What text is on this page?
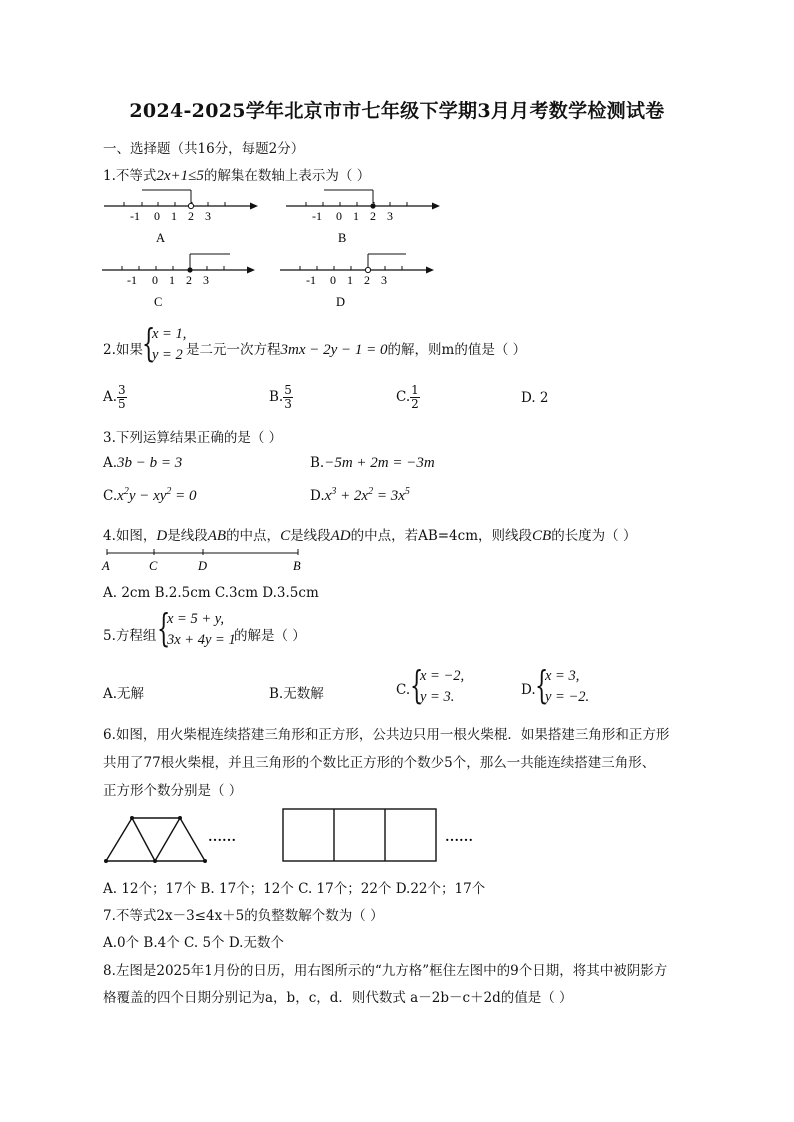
2024-2025学年北京市市七年级下学期3月月考数学检测试卷
一、选择题（共16分，每题2分）
1.不等式2x+1≤5的解集在数轴上表示为（ ）
-1 0 1 2 3
A
-1 0 1 2 3
B
-1 0 1 2 3
C
-1 0 1 2 3
D
2.如果 {
x = 1,
y = 2 是二元一次方程3mx − 2y − 1 = 0的解，则m的值是（ ）
A. $\frac{3}{5}$	B. $\frac{5}{3}$	C. $\frac{1}{2}$	D. 2
3.下列运算结果正确的是（ ）
A.3b − b = 3	B.−5m + 2m = −3m
$C.x^2y - xy^2 = 0$	$D.x^3 + 2x^2 = 3x^5$
4.如图，D是线段AB的中点，C是线段AD的中点，若AB=4cm，则线段CB的长度为（ ）
A	C	D	B
A. 2cm B.2.5cm C.3cm D.3.5cm
5.方程组 {
x = 5 + y,
3x + 4y = 1
的解是（ ）
A.无解	B.无数解	C. {
x = −2,
y = 3.	D. {
x = 3,
y = −2.
6.如图，用火柴棍连续搭建三角形和正方形，公共边只用一根火柴棍．如果搭建三角形和正方形
共用了77根火柴棍，并且三角形的个数比正方形的个数少5个，那么一共能连续搭建三角形、
正方形个数分别是（ ）
……	……
A. 12个；17个 B. 17个；12个 C. 17个；22个 D.22个；17个
7.不等式2x－3≤4x＋5的负整数解个数为（ ）
A.0个 B.4个 C. 5个 D.无数个
8.左图是2025年1月份的日历，用右图所示的“九方格”框住左图中的9个日期，将其中被阴影方
格覆盖的四个日期分别记为a，b，c，d．则代数式 a－2b－c＋2d的值是（ ）
